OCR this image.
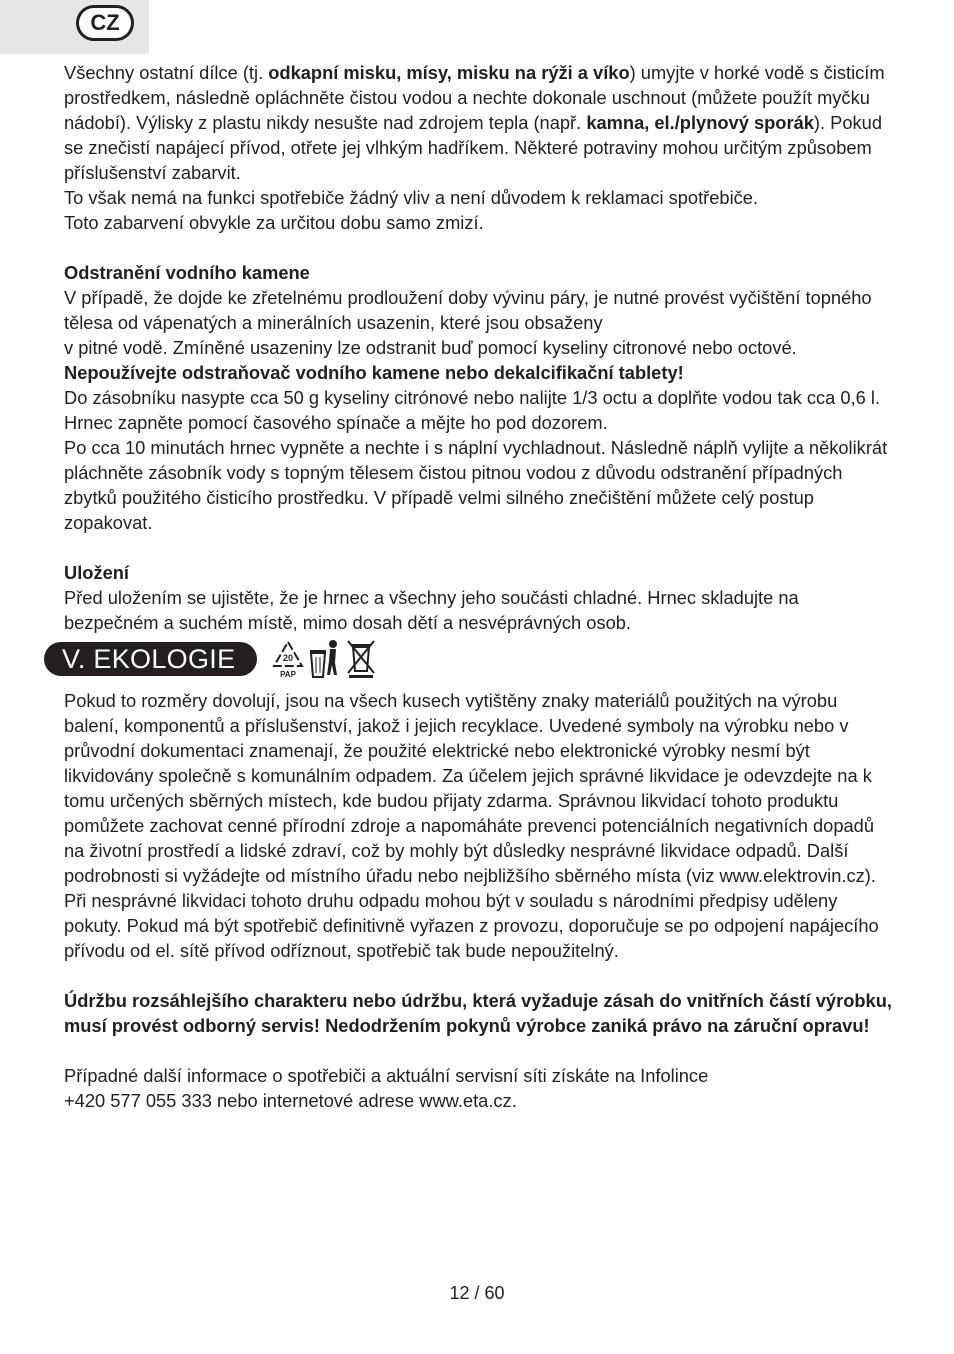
CZ

Všechny ostatní dílce (tj. odkapní misku, mísy, misku na rýži a víko) umyjte v horké vodě s čisticím prostředkem, následně opláchněte čistou vodou a nechte dokonale uschnout (můžete použít myčku nádobí). Výlisky z plastu nikdy nesušte nad zdrojem tepla (např. kamna, el./plynový sporák). Pokud se znečistí napájecí přívod, otřete jej vlhkým hadříkem. Některé potraviny mohou určitým způsobem příslušenství zabarvit.

To však nemá na funkci spotřebiče žádný vliv a není důvodem k reklamaci spotřebiče.

Toto zabarvení obvykle za určitou dobu samo zmizí.

Odstranění vodního kamene

V případě, že dojde ke zřetelnému prodloužení doby vývinu páry, je nutné provést vyčištění topného tělesa od vápenatých a minerálních usazenin, které jsou obsaženy

v pitné vodě. Zmíněné usazeniny lze odstranit buď pomocí kyseliny citronové nebo octové.

Nepoužívejte odstraňovač vodního kamene nebo dekalcifikační tablety!

Do zásobníku nasypte cca 50 g kyseliny citrónové nebo nalijte 1/3 octu a doplňte vodou tak cca 0,6 l. Hrnec zapněte pomocí časového spínače a mějte ho pod dozorem.

Po cca 10 minutách hrnec vypněte a nechte i s náplní vychladnout. Následně náplň vylijte a několikrát pláchněte zásobník vody s topným tělesem čistou pitnou vodou z důvodu odstranění případných zbytků použitého čisticího prostředku. V případě velmi silného znečištění můžete celý postup zopakovat.

Uložení

Před uložením se ujistěte, že je hrnec a všechny jeho součásti chladné. Hrnec skladujte na bezpečném a suchém místě, mimo dosah dětí a nesvéprávných osob.

V. EKOLOGIE	20
PAP

Pokud to rozměry dovolují, jsou na všech kusech vytištěny znaky materiálů použitých na výrobu balení, komponentů a příslušenství, jakož i jejich recyklace. Uvedené symboly na výrobku nebo v průvodní dokumentaci znamenají, že použité elektrické nebo elektronické výrobky nesmí být likvidovány společně s komunálním odpadem. Za účelem jejich správné likvidace je odevzdejte na k tomu určených sběrných místech, kde budou přijaty zdarma. Správnou likvidací tohoto produktu pomůžete zachovat cenné přírodní zdroje a napomáháte prevenci potenciálních negativních dopadů na životní prostředí a lidské zdraví, což by mohly být důsledky nesprávné likvidace odpadů. Další podrobnosti si vyžádejte od místního úřadu nebo nejbližšího sběrného místa (viz www.elektrovin.cz).

Při nesprávné likvidaci tohoto druhu odpadu mohou být v souladu s národními předpisy uděleny pokuty. Pokud má být spotřebič definitivně vyřazen z provozu, doporučuje se po odpojení napájecího přívodu od el. sítě přívod odříznout, spotřebič tak bude nepoužitelný.

Údržbu rozsáhlejšího charakteru nebo údržbu, která vyžaduje zásah do vnitřních částí výrobku, musí provést odborný servis! Nedodržením pokynů výrobce zaniká právo na záruční opravu!

Případné další informace o spotřebiči a aktuální servisní síti získáte na Infolince

+420 577 055 333 nebo internetové adrese www.eta.cz.

12 / 60
